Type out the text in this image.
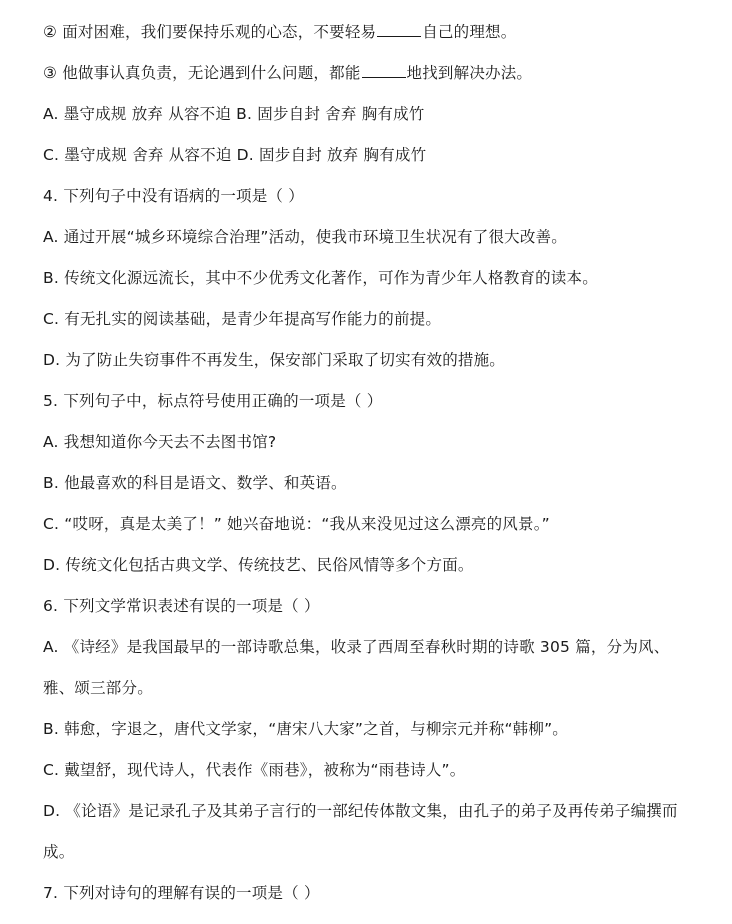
② 面对困难，我们要保持乐观的心态，不要轻易	自己的理想。
③ 他做事认真负责，无论遇到什么问题，都能	地找到解决办法。
A. 墨守成规 放弃 从容不迫 B. 固步自封 舍弃 胸有成竹
C. 墨守成规 舍弃 从容不迫 D. 固步自封 放弃 胸有成竹
4. 下列句子中没有语病的一项是（ ）
A. 通过开展“城乡环境综合治理”活动，使我市环境卫生状况有了很大改善。
B. 传统文化源远流长，其中不少优秀文化著作，可作为青少年人格教育的读本。
C. 有无扎实的阅读基础，是青少年提高写作能力的前提。
D. 为了防止失窃事件不再发生，保安部门采取了切实有效的措施。
5. 下列句子中，标点符号使用正确的一项是（ ）
A. 我想知道你今天去不去图书馆?
B. 他最喜欢的科目是语文、数学、和英语。
C. “哎呀，真是太美了！” 她兴奋地说：“我从来没见过这么漂亮的风景。”
D. 传统文化包括古典文学、传统技艺、民俗风情等多个方面。
6. 下列文学常识表述有误的一项是（ ）
A. 《诗经》是我国最早的一部诗歌总集，收录了西周至春秋时期的诗歌 305 篇，分为风、
雅、颂三部分。
B. 韩愈，字退之，唐代文学家，“唐宋八大家”之首，与柳宗元并称“韩柳”。
C. 戴望舒，现代诗人，代表作《雨巷》，被称为“雨巷诗人”。
D. 《论语》是记录孔子及其弟子言行的一部纪传体散文集，由孔子的弟子及再传弟子编撰而
成。
7. 下列对诗句的理解有误的一项是（ ）
